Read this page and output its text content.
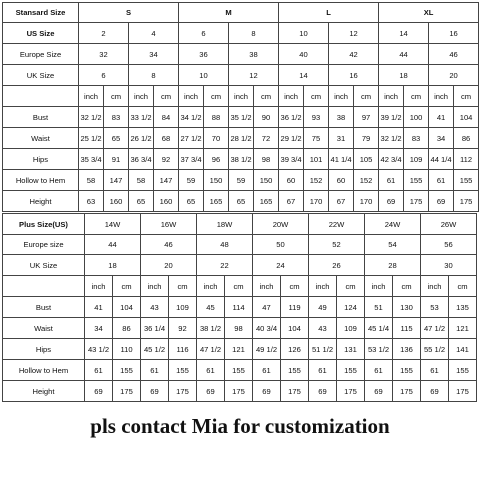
Stansard Size	S				M				L				XL			
US Size	2		4		6		8		10		12		14		16	
Europe Size	32		34		36		38		40		42		44		46	
UK Size	6		8		10		12		14		16		18		20	
	inch	cm	inch	cm	inch	cm	inch	cm	inch	cm	inch	cm	inch	cm	inch	cm
Bust	32 1/2	83	33 1/2	84	34 1/2	88	35 1/2	90	36 1/2	93	38	97	39 1/2	100	41	104
Waist	25 1/2	65	26 1/2	68	27 1/2	70	28 1/2	72	29 1/2	75	31	79	32 1/2	83	34	86
Hips	35 3/4	91	36 3/4	92	37 3/4	96	38 1/2	98	39 3/4	101	41 1/4	105	42 3/4	109	44 1/4	112
Hollow to Hem	58	147	58	147	59	150	59	150	60	152	60	152	61	155	61	155
Height	63	160	65	160	65	165	65	165	67	170	67	170	69	175	69	175
Plus Size(US)	14W		16W		18W		20W		22W		24W		26W	
Europe size	44		46		48		50		52		54		56	
UK Size	18		20		22		24		26		28		30	
	inch	cm	inch	cm	inch	cm	inch	cm	inch	cm	inch	cm	inch	cm
Bust	41	104	43	109	45	114	47	119	49	124	51	130	53	135
Waist	34	86	36 1/4	92	38 1/2	98	40 3/4	104	43	109	45 1/4	115	47 1/2	121
Hips	43 1/2	110	45 1/2	116	47 1/2	121	49 1/2	126	51 1/2	131	53 1/2	136	55 1/2	141
Hollow to Hem	61	155	61	155	61	155	61	155	61	155	61	155	61	155
Height	69	175	69	175	69	175	69	175	69	175	69	175	69	175
pls contact Mia for customization
